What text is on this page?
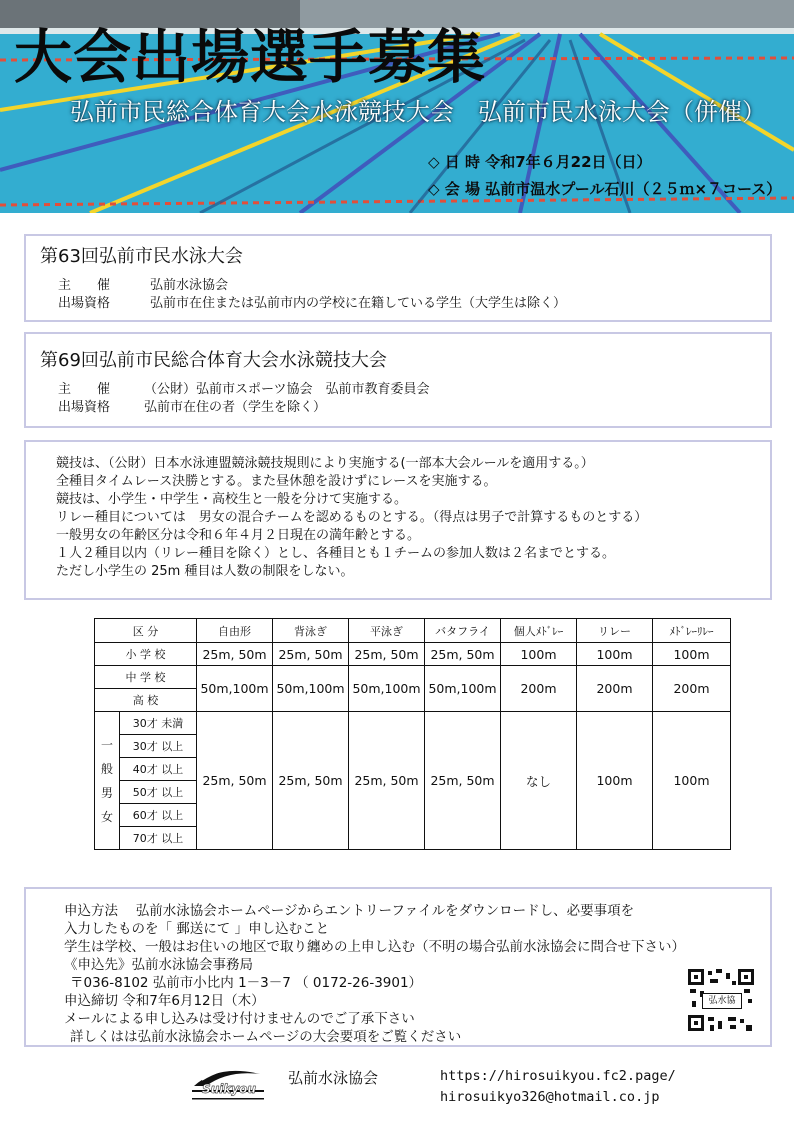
大会出場選手募集
弘前市民総合体育大会水泳競技大会　弘前市民水泳大会（併催）
◇ 日 時 令和7年６月22日（日）
◇ 会 場 弘前市温水プール石川（２５ｍ×７コース）
第63回弘前市民水泳大会
主　　催	弘前水泳協会
出場資格	弘前市在住または弘前市内の学校に在籍している学生（大学生は除く）
第69回弘前市民総合体育大会水泳競技大会
主　　催	（公財）弘前市スポーツ協会　弘前市教育委員会
出場資格	弘前市在住の者（学生を除く）
競技は、（公財）日本水泳連盟競泳競技規則により実施する(一部本大会ルールを適用する。）
全種目タイムレース決勝とする。また昼休憩を設けずにレースを実施する。
競技は、小学生・中学生・高校生と一般を分けて実施する。
リレー種目については　男女の混合チームを認めるものとする。（得点は男子で計算するものとする）
一般男女の年齢区分は令和６年４月２日現在の満年齢とする。
１人２種目以内（リレー種目を除く）とし、各種目とも１チームの参加人数は２名までとする。
ただし小学生の 25m 種目は人数の制限をしない。
区 分		自由形	背泳ぎ	平泳ぎ	バタフライ	個人ﾒﾄﾞﾚｰ	リレー	ﾒﾄﾞﾚｰﾘﾚｰ
小 学 校		25m, 50m	25m, 50m	25m, 50m	25m, 50m	100m	100m	100m
中 学 校		50m,100m	50m,100m	50m,100m	50m,100m	200m	200m	200m
高 校								

一
般
男
女	30才 未満	25m, 50m	25m, 50m	25m, 50m	25m, 50m	なし	100m	100m
	30才 以上							
	40才 以上							
	50才 以上							
	60才 以上							
	70才 以上							
申込方法　 弘前水泳協会ホームページからエントリーファイルをダウンロードし、必要事項を
入力したものを「 郵送にて 」申し込むこと
学生は学校、一般はお住いの地区で取り纏めの上申し込む（不明の場合弘前水泳協会に問合せ下さい）
《申込先》弘前水泳協会事務局
〒036-8102 弘前市小比内 1－3－7 （ 0172-26-3901）
申込締切 令和7年6月12日（木）
メールによる申し込みは受け付けませんのでご了承下さい
詳しくはは弘前水泳協会ホームページの大会要項をご覧ください
弘水協
Suikyou
弘前水泳協会	https://hirosuikyou.fc2.page/
hirosuikyo326@hotmail.co.jp
